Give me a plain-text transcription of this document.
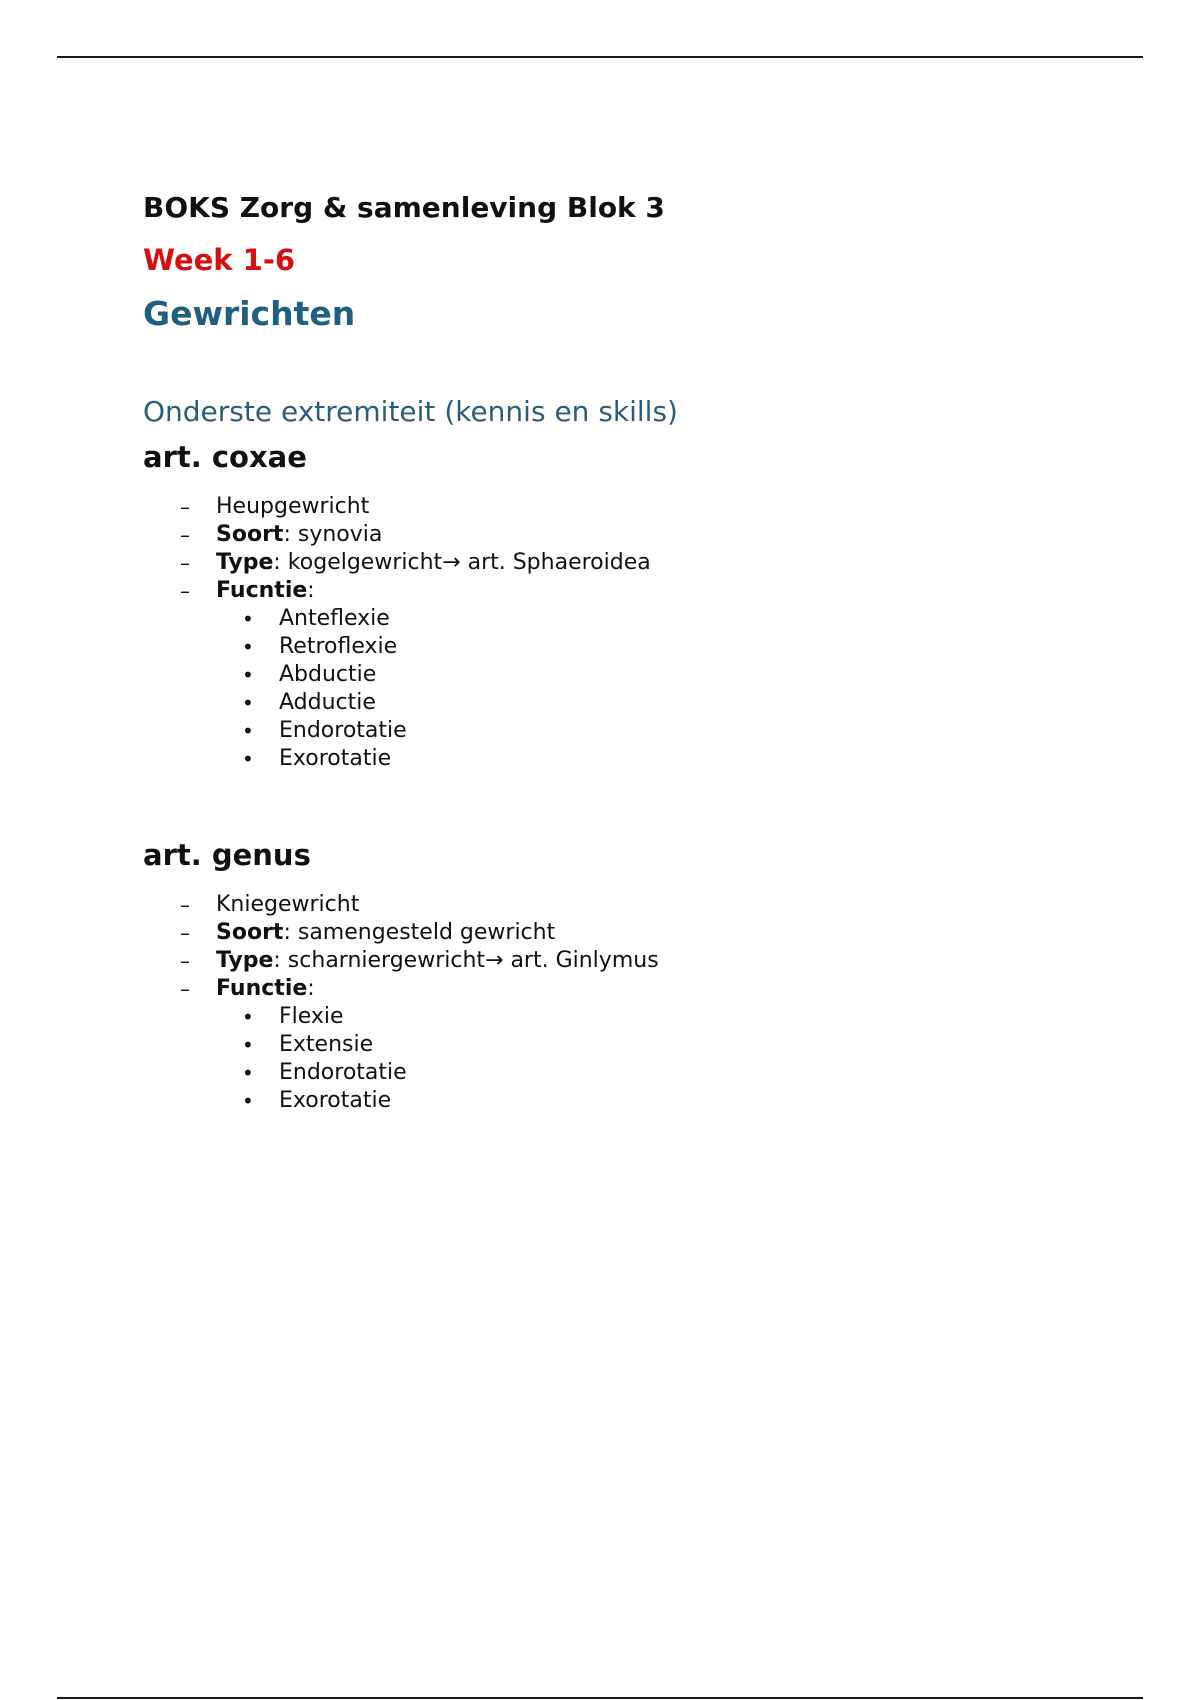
BOKS Zorg & samenleving Blok 3
Week 1-6
Gewrichten
Onderste extremiteit (kennis en skills)
art. coxae
– Heupgewricht
– Soort: synovia
– Type: kogelgewricht→ art. Sphaeroidea
– Fucntie:
• Anteflexie
• Retroflexie
• Abductie
• Adductie
• Endorotatie
• Exorotatie
art. genus
– Kniegewricht
– Soort: samengesteld gewricht
– Type: scharniergewricht→ art. Ginlymus
– Functie:
• Flexie
• Extensie
• Endorotatie
• Exorotatie
